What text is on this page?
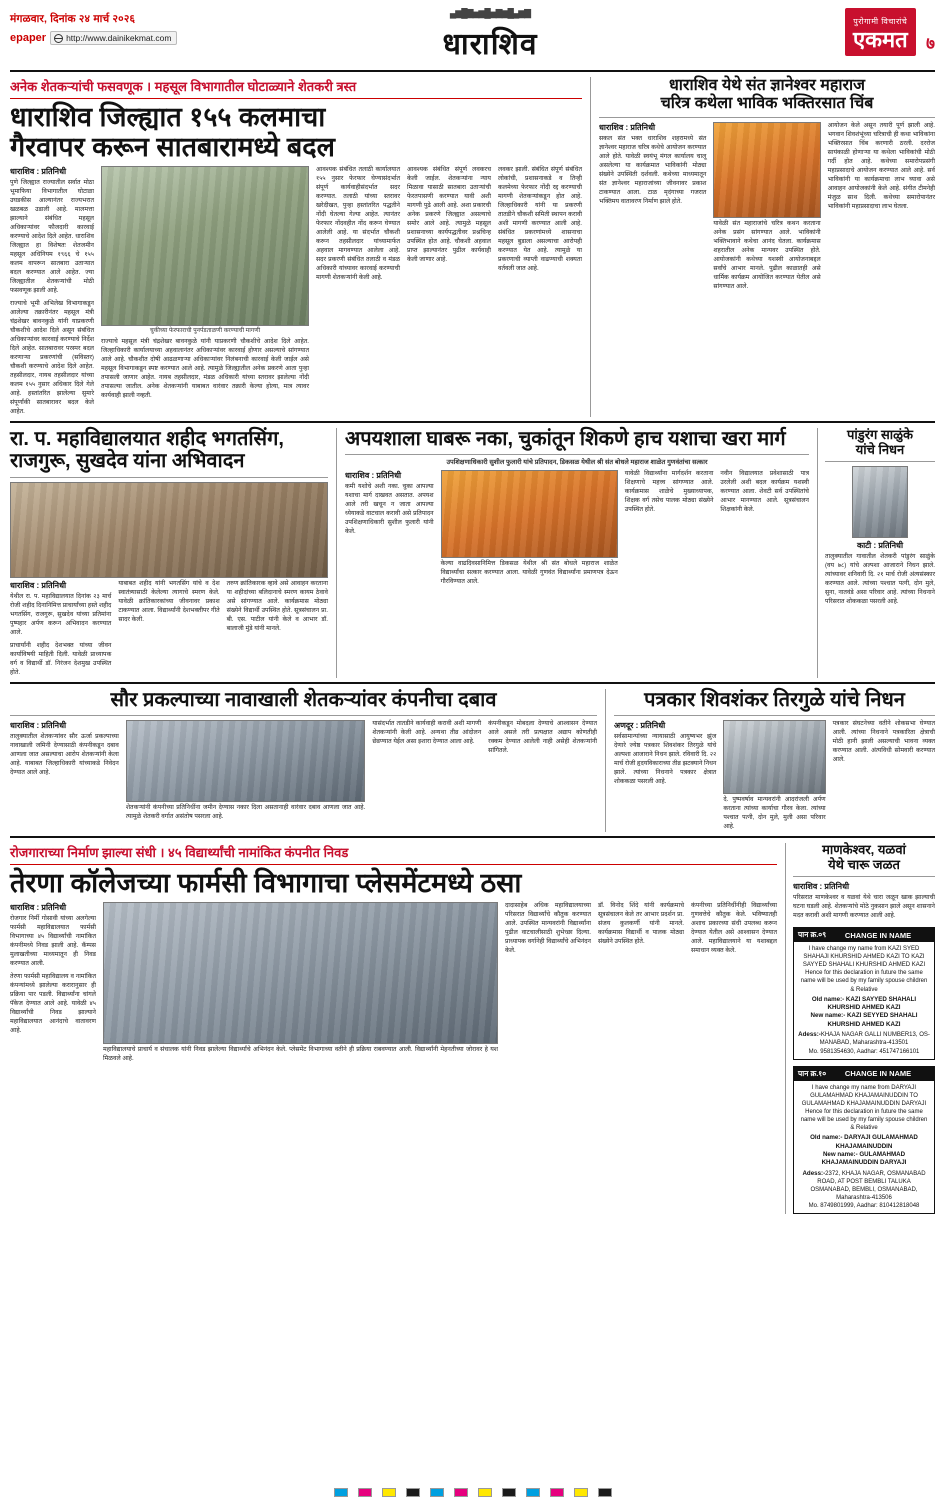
मंगळवार, दिनांक २४ मार्च २०२६
epaper http://www.dainikekmat.com
▄▆█▇▅▆█▅▇▆█▄▆▇
धाराशिव
पुरोगामी विचारांचे
एकमत ७
अनेक शेतकऱ्यांची फसवणूक । महसूल विभागातील घोटाळ्याने शेतकरी त्रस्त
धाराशिव जिल्ह्यात १५५ कलमाचा
गैरवापर करून सातबारामध्ये बदल
धाराशिव : प्रतिनिधी
पुणे जिल्ह्यात राज्यातील सर्वात मोठा भूमाफिया विभागातील घोटाळा उघडकीस आल्यानंतर राज्यभरात खळबळ उडाली आहे. मालमत्ता झाल्याने संबंधित महसूल अधिकाऱ्यांवर फौजदारी कारवाई करण्याचे आदेश दिले आहेत. धाराशिव जिल्ह्यात हा विशेषतः शेतजमीन महसूल अधिनियम १९६६ चे १५५ कलम वापरून सातबारा उताऱ्यात बदल करण्यात आले आहेत. ज्या जिल्ह्यातील शेतकऱ्यांची मोठी फसवणूक झाली आहे.
राज्याचे भूमी अभिलेख विभागाकडून आलेल्या तक्रारीनंतर महसूल मंत्री चंद्रशेखर बावनकुळे यांनी याप्रकरणी चौकशीचे आदेश दिले असून संबंधित अधिकाऱ्यांवर कारवाई करण्याचे निर्देश दिले आहेत. सातबारावर परस्पर बदल करणाऱ्या प्रकरणांची (सविस्तर) चौकशी करण्याचे आदेश दिले आहेत. तहसीलदार, नायब तहसीलदार यांच्या कलम १५५ नुसार अधिकार दिले गेले आहे. हस्तांतरित झालेल्या सुमारे संपूर्णांकी सातबारावर बदल केले आहेत.
चुकीच्या फेरफाराची पुनर्पडताळणी करण्याची मागणी
राज्याचे महसूल मंत्री चंद्रशेखर बावनकुळे यांनी याप्रकरणी चौकशीचे आदेश दिले आहेत. जिल्हाधिकारी कार्यालयाच्या अहवालानंतर अधिकाऱ्यांवर कारवाई होणार असल्याचे सांगण्यात आले आहे. चौकशीत दोषी आढळणाऱ्या अधिकाऱ्यांवर निलंबनाची कारवाई केली जाईल असे महसूल विभागाकडून स्पष्ट करण्यात आले आहे. त्यामुळे जिल्ह्यातील अनेक प्रकरणे आता पुन्हा तपासली जाणार आहेत. नायब तहसीलदार, मंडळ अधिकारी यांच्या स्तरावर झालेल्या नोंदी तपासल्या जातील. अनेक शेतकऱ्यांनी याबाबत वारंवार तक्रारी केल्या होत्या, मात्र त्यावर कार्यवाही झाली नव्हती.
आवश्यक संबंधित तलाठी कार्यालयात १५५ नुसार फेरफार घेण्यासंदर्भात संपूर्ण कार्यवाहीसंदर्भात सदर करण्यात. तलाठी यांच्या स्तरावर खरेदीखत, पुन्हा हस्तांतरित पद्धतीने नोंदी घेतल्या गेल्या आहेत. त्यानंतर फेरफार नोंदवहीत नोंद करून घेण्यात आलेली आहे. या संदर्भात चौकशी करून तहसीलदार यांच्यामार्फत अहवाल मागवण्यात आलेला आहे. सदर प्रकरणी संबंधित तलाठी व मंडळ अधिकारी यांच्यावर कारवाई करण्याची मागणी शेतकऱ्यांनी केली आहे.
आवश्यक संबंधित संपूर्ण लवकरच केली जाईल. शेतकऱ्यांना न्याय मिळावा यासाठी सातबारा उताऱ्यांची फेरतपासणी करण्यात यावी अशी मागणी पुढे आली आहे. अशा प्रकारची अनेक प्रकरणे जिल्ह्यात असल्याचे समोर आले आहे. त्यामुळे महसूल प्रशासनाच्या कार्यपद्धतीवर प्रश्नचिन्ह उपस्थित होत आहे. चौकशी अहवाल प्राप्त झाल्यानंतर पुढील कार्यवाही केली जाणार आहे.
लवकर झाली. संबंधित संपूर्ण संबंधित लोकांची, प्रशासनाकडे व तिन्ही कलमेच्या फेरफार नोंदी रद्द करण्याची मागणी शेतकऱ्यांकडून होत आहे. जिल्हाधिकारी यांनी या प्रकरणी तातडीने चौकशी समिती स्थापन करावी अशी मागणी करण्यात आली आहे. संबंधित प्रकरणांमध्ये शासनाचा महसूल बुडाला असल्याचा आरोपही करण्यात येत आहे. त्यामुळे या प्रकरणाची व्याप्ती वाढण्याची शक्यता वर्तवली जात आहे.
धाराशिव येथे संत ज्ञानेश्वर महाराज
चरित्र कथेला भाविक भक्तिरसात चिंब
धाराशिव : प्रतिनिधी
सकल संत भक्त धाराशिव शहरामध्ये संत ज्ञानेश्वर महाराज चरित्र कथेचे आयोजन करण्यात आले होते. यावेळी स्वयंभू मंगल कार्यालय चालू असलेल्या या कार्यक्रमात भाविकांनी मोठ्या संख्येने उपस्थिती दर्शवली. कथेच्या माध्यमातून संत ज्ञानेश्वर महाराजांच्या जीवनावर प्रकाश टाकण्यात आला. टाळ मृदंगाच्या गजरात भक्तिमय वातावरण निर्माण झाले होते.
यावेळी संत महाराजांचे चरित्र कथन करताना अनेक प्रसंग सांगण्यात आले. भाविकांनी भक्तिभावाने कथेचा आनंद घेतला. कार्यक्रमास शहरातील अनेक मान्यवर उपस्थित होते. आयोजकांनी कथेच्या यशस्वी आयोजनाबद्दल सर्वांचे आभार मानले. पुढील काळातही असे धार्मिक कार्यक्रम आयोजित करण्यात येतील असे सांगण्यात आले.
आयोजन केले असून तयारी पूर्ण झाली आहे. भगवान शिवशंभूंच्या चरित्राची ही कथा भाविकांना भक्तिरसात चिंब करणारी ठरली. दररोज सायंकाळी होणाऱ्या या कथेला भाविकांची मोठी गर्दी होत आहे. कथेच्या समारोपप्रसंगी महाप्रसादाचे आयोजन करण्यात आले आहे. सर्व भाविकांनी या कार्यक्रमाचा लाभ घ्यावा असे आवाहन आयोजकांनी केले आहे. संगीत टीमनेही मंजुळ साथ दिली. कथेच्या समारोपानंतर भाविकांनी महाप्रसादाचा लाभ घेतला.
रा. प. महाविद्यालयात शहीद भगतसिंग,
राजगुरू, सुखदेव यांना अभिवादन
धाराशिव : प्रतिनिधी
येथील रा. प. महाविद्यालयात दिनांक २३ मार्च रोजी शहीद दिनानिमित्त प्राचार्यांच्या हस्ते शहीद भगतसिंग, राजगुरू, सुखदेव यांच्या प्रतिमांना पुष्पहार अर्पण करून अभिवादन करण्यात आले.
प्राचार्यांनी शहीद देशभक्त यांच्या जीवन कार्याविषयी माहिती दिली. यावेळी प्राध्यापक वर्ग व विद्यार्थी डॉ. निरंजन देशमुख उपस्थित होते.
याबाबत शहीद यांनी भगतसिंग यांचे व देश स्वातंत्र्यासाठी केलेल्या त्यागाचे स्मरण केले. यावेळी क्रांतिकारकांच्या जीवनावर प्रकाश टाकण्यात आला. विद्यार्थ्यांनी देशभक्तीपर गीते सादर केली.
तरुण क्रांतिकारक व्हावे असे आवाहन करताना या शहीदांच्या बलिदानाचे स्मरण कायम ठेवावे असे सांगण्यात आले. कार्यक्रमास मोठ्या संख्येने विद्यार्थी उपस्थित होते. सूत्रसंचालन प्रा. बी. एस. पाटील यांनी केले व आभार डॉ. बालाजी मुंडे यांनी मानले.
अपयशाला घाबरू नका, चुकांतून शिकणे हाच यशाचा खरा मार्ग
उपशिक्षणाधिकारी सुशील फुलारी यांचे प्रतिपादन, डिकसळ येथील श्री संत बोधले महाराज शाळेत गुणवंतांचा सत्कार
धाराशिव : प्रतिनिधी
कमी यशोचे अशी नका. चुका आपल्या यशाचा मार्ग दाखवत असतात. अपयश आले तरी खचून न जाता आपल्या ध्येयाकडे वाटचाल करावी असे प्रतिपादन उपशिक्षणाधिकारी सुशील फुलारी यांनी केले.
केल्या वाढदिवसानिमित्त डिकसळ येथील श्री संत बोधले महाराज शाळेत विद्यार्थ्यांचा सत्कार करण्यात आला. यावेळी गुणवंत विद्यार्थ्यांना प्रमाणपत्र देऊन गौरविण्यात आले.
यावेळी विद्यार्थ्यांना मार्गदर्शन करताना शिक्षणाचे महत्त्व सांगण्यात आले. कार्यक्रमास शाळेचे मुख्याध्यापक, शिक्षक वर्ग तसेच पालक मोठ्या संख्येने उपस्थित होते.
नवीन विद्यालयात प्रवेशासाठी पात्र उरलेली अशी बदल कार्यक्रम यशस्वी करण्यात आला. शेवटी सर्व उपस्थितांचे आभार मानण्यात आले. सूत्रसंचालन शिक्षकांनी केले.
पांडुरंग साळुंके
यांचे निधन
काटी : प्रतिनिधी
तालुक्यातील गावातील शेतकरी पांडुरंग साळुंके (वय ७८) यांचे अल्पशा आजाराने निधन झाले. त्यांच्यावर शनिवारी दि. २१ मार्च रोजी अंत्यसंस्कार करण्यात आले. त्यांच्या पश्चात पत्नी, दोन मुले, सुना, नातवंडे असा परिवार आहे. त्यांच्या निधनाने परिसरात शोककळा पसरली आहे.
सौर प्रकल्पाच्या नावाखाली शेतकऱ्यांवर कंपनीचा दबाव
धाराशिव : प्रतिनिधी
तालुक्यातील शेतकऱ्यांवर सौर ऊर्जा प्रकल्पाच्या नावाखाली जमिनी देण्यासाठी कंपनीकडून दबाव आणला जात असल्याचा आरोप शेतकऱ्यांनी केला आहे. याबाबत जिल्हाधिकारी यांच्याकडे निवेदन देण्यात आले आहे.
शेतकऱ्यांनी कंपनीच्या प्रतिनिधींना जमीन देण्यास नकार दिला असतानाही वारंवार दबाव आणला जात आहे. त्यामुळे शेतकरी वर्गात असंतोष पसरला आहे.
यासंदर्भात तातडीने कार्यवाही करावी अशी मागणी शेतकऱ्यांनी केली आहे. अन्यथा तीव्र आंदोलन छेडण्यात येईल असा इशारा देण्यात आला आहे.
कंपनीकडून मोबदला देण्याचे आश्वासन देण्यात आले असले तरी प्रत्यक्षात अद्याप कोणतीही रक्कम देण्यात आलेली नाही असेही शेतकऱ्यांनी सांगितले.
पत्रकार शिवशंकर तिरगुळे यांचे निधन
अणदूर : प्रतिनिधी
सर्वसामान्यांच्या न्यायासाठी आयुष्यभर झुंज देणारे ज्येष्ठ पत्रकार शिवशंकर तिरगुळे यांचे अल्पशा आजाराने निधन झाले. रविवारी दि. २२ मार्च रोजी हृदयविकाराच्या तीव्र झटक्याने निधन झाले. त्यांच्या निधनाने पत्रकार क्षेत्रात शोककळा पसरली आहे.
दे. पुष्पवर्षाव मान्यवरांनी आदरांजली अर्पण करताना त्यांच्या कार्याचा गौरव केला. त्यांच्या पश्चात पत्नी, दोन मुले, मुली असा परिवार आहे.
पत्रकार संघटनेच्या वतीने शोकसभा घेण्यात आली. त्यांच्या निधनाने पत्रकारिता क्षेत्राची मोठी हानी झाली असल्याची भावना व्यक्त करण्यात आली. अंत्यविधी सोमवारी करण्यात आले.
रोजगाराच्या निर्माण झाल्या संधी । ४५ विद्यार्थ्यांची नामांकित कंपनीत निवड
तेरणा कॉलेजच्या फार्मसी विभागाचा प्लेसमेंटमध्ये ठसा
धाराशिव : प्रतिनिधी
रोजगार निर्मी गोसावी यांच्या अलगेल्या फार्मसी महाविद्यालयात फार्मसी विभागाच्या ४५ विद्यार्थ्यांची नामांकित कंपनीमध्ये निवड झाली आहे. कॅम्पस मुलाखतीच्या माध्यमातून ही निवड करण्यात आली.
तेरणा फार्मसी महाविद्यालय व नामांकित कंपन्यांमध्ये झालेल्या करारानुसार ही प्रक्रिया पार पडली. विद्यार्थ्यांना चांगले पॅकेज देण्यात आले आहे. यावेळी ४५ विद्यार्थ्यांची निवड झाल्याने महाविद्यालयात आनंदाचे वातावरण आहे.
महाविद्यालयाचे प्राचार्य व संचालक यांनी निवड झालेल्या विद्यार्थ्यांचे अभिनंदन केले. प्लेसमेंट विभागाच्या वतीने ही प्रक्रिया राबवण्यात आली. विद्यार्थ्यांनी मेहनतीच्या जोरावर हे यश मिळवले आहे.
दादासाहेब अधिक महाविद्यालयाच्या परिसरात विद्यार्थ्यांचे कौतुक करण्यात आले. उपस्थित मान्यवरांनी विद्यार्थ्यांना पुढील वाटचालीसाठी शुभेच्छा दिल्या. प्राध्यापक वर्गानेही विद्यार्थ्यांचे अभिनंदन केले.
डॉ. विनोद शिंदे यांनी कार्यक्रमाचे सूत्रसंचालन केले तर आभार प्रदर्शन प्रा. संजय कुलकर्णी यांनी मानले. कार्यक्रमास विद्यार्थी व पालक मोठ्या संख्येने उपस्थित होते.
कंपनीच्या प्रतिनिधींनीही विद्यार्थ्यांच्या गुणवत्तेचे कौतुक केले. भविष्यातही अशाच प्रकारच्या संधी उपलब्ध करून देण्यात येतील असे आश्वासन देण्यात आले. महाविद्यालयाने या यशाबद्दल समाधान व्यक्त केले.
माणकेश्वर, यळवां
येथे चारू जळत
धाराशिव : प्रतिनिधी
परिसरात माणकेश्वर व यळवां येथे चारा जळून खाक झाल्याची घटना घडली आहे. शेतकऱ्यांचे मोठे नुकसान झाले असून शासनाने मदत करावी अशी मागणी करण्यात आली आहे.
पान क्र.०९	CHANGE IN NAME
I have change my name from KAZI SYED SHAHAJI KHURSHID AHMED KAZI TO KAZI SAYYED SHAHALI KHURSHID AHMED KAZI Hence for this declaration in future the same name will be used by my family spouse children & Relative
Old name:- KAZI SAYYED SHAHALI KHURSHID AHMED KAZI
New name:- KAZI SEYYED SHAHALI KHURSHID AHMED KAZI
Adess:-KHAJA NAGAR GALLI NUMBER13, OS-MANABAD, Maharashtra-413501
Mo. 9581354630, Aadhar: 451747166101
पान क्र.१०	CHANGE IN NAME
I have change my name from DARYAJI GULAMAHMAD KHAJAMAINUDDIN TO GULAMAHMAD KHAJAMAINUDDIN DARYAJI Hence for this declaration in future the same name will be used by my family spouse children & Relative
Old name:- DARYAJI GULAMAHMAD KHAJAMAINUDDIN
New name:- GULAMAHMAD KHAJAMAINUDDIN DARYAJI
Adess:-2372, KHAJA NAGAR, OSMANABAD ROAD, AT POST BEMBLI TALUKA OSMANABAD, BEMBLI, OSMANABAD, Maharashtra-413506
Mo. 8749801999, Aadhar: 810412818048
